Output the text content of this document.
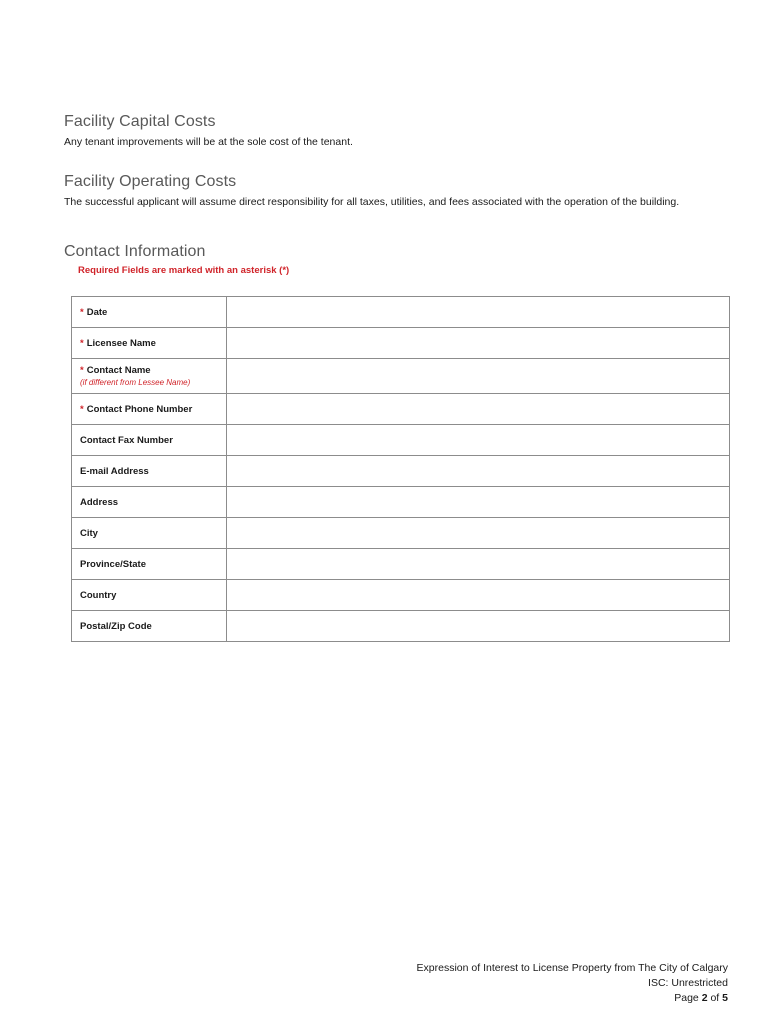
Facility Capital Costs
Any tenant improvements will be at the sole cost of the tenant.
Facility Operating Costs
The successful applicant will assume direct responsibility for all taxes, utilities, and fees associated with the operation of the building.
Contact Information
Required Fields are marked with an asterisk (*)
* Date	
* Licensee Name	
* Contact Name
(if different from Lessee Name)

* Contact Phone Number	
Contact Fax Number	
E-mail Address	
Address	
City	
Province/State	
Country	
Postal/Zip Code	
Expression of Interest to License Property from The City of Calgary
ISC: Unrestricted
Page 2 of 5
